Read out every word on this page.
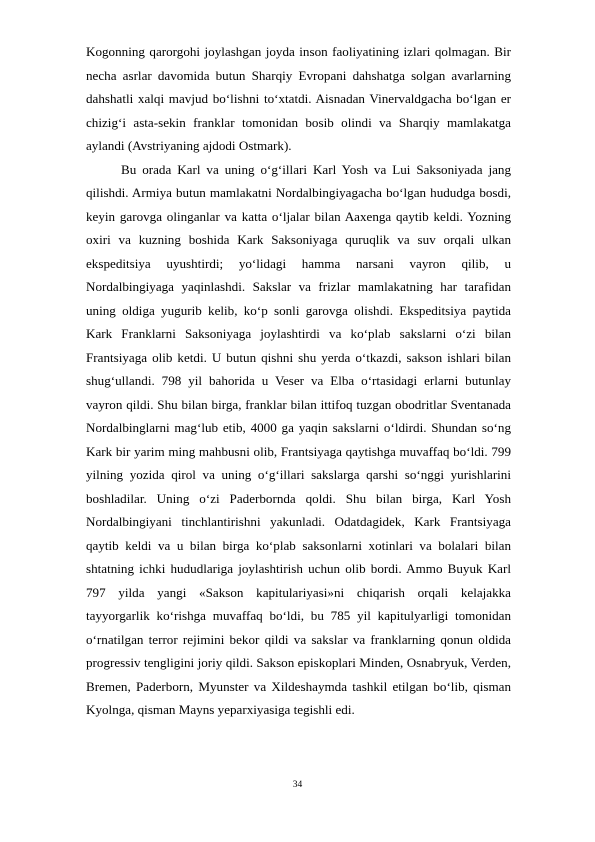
Kogonning qarorgohi joylashgan joyda inson faoliyatining izlari qolmagan. Bir necha asrlar davomida butun Sharqiy Evropani dahshatga solgan avarlarning dahshatli xalqi mavjud bo‘lishni to‘xtatdi. Aisnadan Vinervaldgacha bo‘lgan er chizig‘i asta-sekin franklar tomonidan bosib olindi va Sharqiy mamlakatga aylandi (Avstriyaning ajdodi Ostmark).

Bu orada Karl va uning o‘g‘illari Karl Yosh va Lui Saksoniyada jang qilishdi. Armiya butun mamlakatni Nordalbingiyagacha bo‘lgan hududga bosdi, keyin garovga olinganlar va katta o‘ljalar bilan Aaxenga qaytib keldi. Yozning oxiri va kuzning boshida Kark Saksoniyaga quruqlik va suv orqali ulkan ekspeditsiya uyushtirdi; yo‘lidagi hamma narsani vayron qilib, u Nordalbingiyaga yaqinlashdi. Sakslar va frizlar mamlakatning har tarafidan uning oldiga yugurib kelib, ko‘p sonli garovga olishdi. Ekspeditsiya paytida Kark Franklarni Saksoniyaga joylashtirdi va ko‘plab sakslarni o‘zi bilan Frantsiyaga olib ketdi. U butun qishni shu yerda o‘tkazdi, sakson ishlari bilan shug‘ullandi. 798 yil bahorida u Veser va Elba o‘rtasidagi erlarni butunlay vayron qildi. Shu bilan birga, franklar bilan ittifoq tuzgan obodritlar Sventanada Nordalbinglarni mag‘lub etib, 4000 ga yaqin sakslarni o‘ldirdi. Shundan so‘ng Kark bir yarim ming mahbusni olib, Frantsiyaga qaytishga muvaffaq bo‘ldi. 799 yilning yozida qirol va uning o‘g‘illari sakslarga qarshi so‘nggi yurishlarini boshladilar. Uning o‘zi Paderbornda qoldi. Shu bilan birga, Karl Yosh Nordalbingiyani tinchlantirishni yakunladi. Odatdagidek, Kark Frantsiyaga qaytib keldi va u bilan birga ko‘plab saksonlarni xotinlari va bolalari bilan shtatning ichki hududlariga joylashtirish uchun olib bordi. Ammo Buyuk Karl 797 yilda yangi «Sakson kapitulariyasi»ni chiqarish orqali kelajakka tayyorgarlik ko‘rishga muvaffaq bo‘ldi, bu 785 yil kapitulyarligi tomonidan o‘rnatilgan terror rejimini bekor qildi va sakslar va franklarning qonun oldida progressiv tengligini joriy qildi. Sakson episkoplari Minden, Osnabryuk, Verden, Bremen, Paderborn, Myunster va Xildeshaymda tashkil etilgan bo‘lib, qisman Kyolnga, qisman Mayns yeparxiyasiga tegishli edi.

34
